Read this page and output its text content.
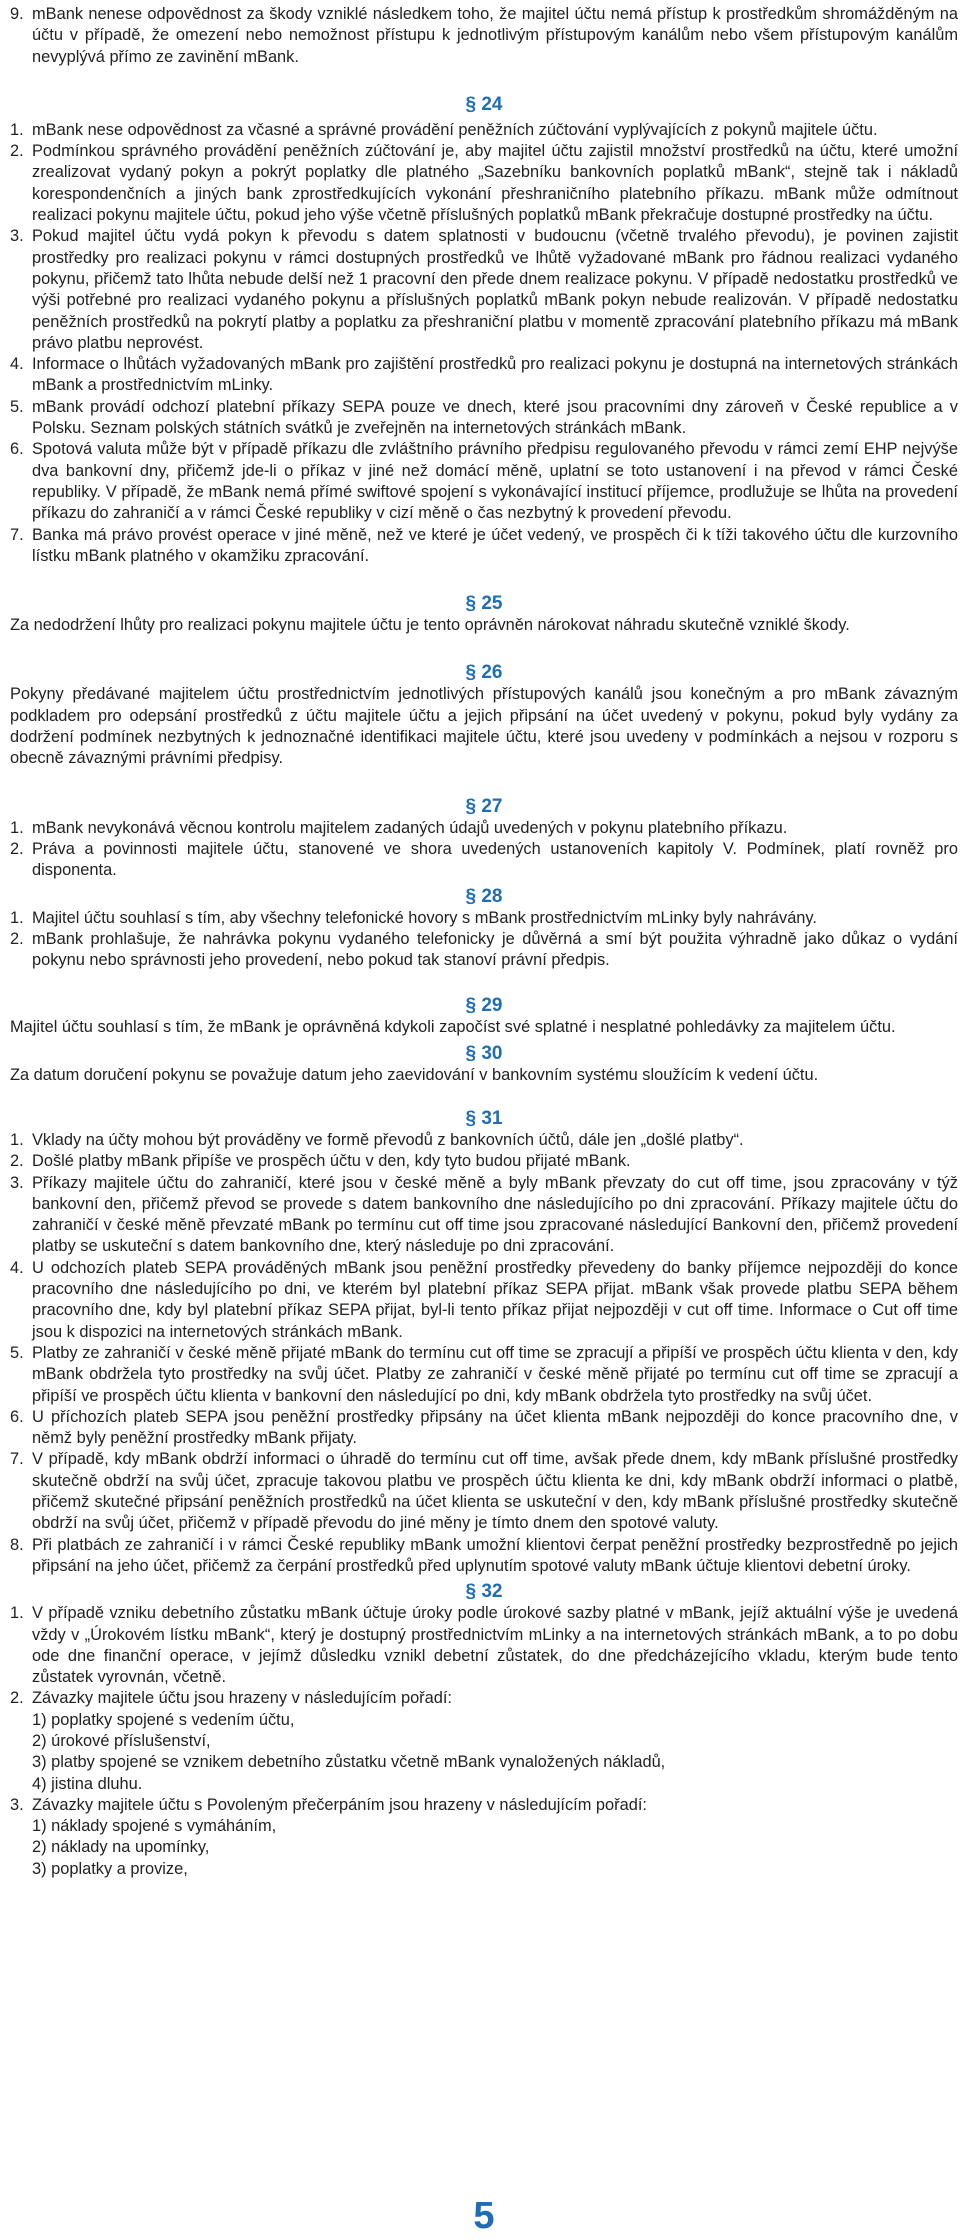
9. mBank nenese odpovědnost za škody vzniklé následkem toho, že majitel účtu nemá přístup k prostředkům shromážděným na účtu v případě, že omezení nebo nemožnost přístupu k jednotlivým přístupovým kanálům nebo všem přístupovým kanálům nevyplývá přímo ze zavinění mBank.
§ 24
1. mBank nese odpovědnost za včasné a správné provádění peněžních zúčtování vyplývajících z pokynů majitele účtu.
2. Podmínkou správného provádění peněžních zúčtování je, aby majitel účtu zajistil množství prostředků na účtu, které umožní zrealizovat vydaný pokyn a pokrýt poplatky dle platného „Sazebníku bankovních poplatků mBank“, stejně tak i nákladů korespondenčních a jiných bank zprostředkujících vykonání přeshraničního platebního příkazu. mBank může odmítnout realizaci pokynu majitele účtu, pokud jeho výše včetně příslušných poplatků mBank překračuje dostupné prostředky na účtu.
3. Pokud majitel účtu vydá pokyn k převodu s datem splatnosti v budoucnu (včetně trvalého převodu), je povinen zajistit prostředky pro realizaci pokynu v rámci dostupných prostředků ve lhůtě vyžadované mBank pro řádnou realizaci vydaného pokynu, přičemž tato lhůta nebude delší než 1 pracovní den přede dnem realizace pokynu. V případě nedostatku prostředků ve výši potřebné pro realizaci vydaného pokynu a příslušných poplatků mBank pokyn nebude realizován. V případě nedostatku peněžních prostředků na pokrytí platby a poplatku za přeshraniční platbu v momentě zpracování platebního příkazu má mBank právo platbu neprovést.
4. Informace o lhůtách vyžadovaných mBank pro zajištění prostředků pro realizaci pokynu je dostupná na internetových stránkách mBank a prostřednictvím mLinky.
5. mBank provádí odchozí platební příkazy SEPA pouze ve dnech, které jsou pracovními dny zároveň v České republice a v Polsku. Seznam polských státních svátků je zveřejněn na internetových stránkách mBank.
6. Spotová valuta může být v případě příkazu dle zvláštního právního předpisu regulovaného převodu v rámci zemí EHP nejvýše dva bankovní dny, přičemž jde-li o příkaz v jiné než domácí měně, uplatní se toto ustanovení i na převod v rámci České republiky. V případě, že mBank nemá přímé swiftové spojení s vykonávající institucí příjemce, prodlužuje se lhůta na provedení příkazu do zahraničí a v rámci České republiky v cizí měně o čas nezbytný k provedení převodu.
7. Banka má právo provést operace v jiné měně, než ve které je účet vedený, ve prospěch či k tíži takového účtu dle kurzovního lístku mBank platného v okamžiku zpracování.
§ 25
Za nedodržení lhůty pro realizaci pokynu majitele účtu je tento oprávněn nárokovat náhradu skutečně vzniklé škody.
§ 26
Pokyny předávané majitelem účtu prostřednictvím jednotlivých přístupových kanálů jsou konečným a pro mBank závazným podkladem pro odepsání prostředků z účtu majitele účtu a jejich připsání na účet uvedený v pokynu, pokud byly vydány za dodržení podmínek nezbytných k jednoznačné identifikaci majitele účtu, které jsou uvedeny v podmínkách a nejsou v rozporu s obecně závaznými právními předpisy.
§ 27
1. mBank nevykonává věcnou kontrolu majitelem zadaných údajů uvedených v pokynu platebního příkazu.
2. Práva a povinnosti majitele účtu, stanovené ve shora uvedených ustanoveních kapitoly V. Podmínek, platí rovněž pro disponenta.
§ 28
1. Majitel účtu souhlasí s tím, aby všechny telefonické hovory s mBank prostřednictvím mLinky byly nahrávány.
2. mBank prohlašuje, že nahrávka pokynu vydaného telefonicky je důvěrná a smí být použita výhradně jako důkaz o vydání pokynu nebo správnosti jeho provedení, nebo pokud tak stanoví právní předpis.
§ 29
Majitel účtu souhlasí s tím, že mBank je oprávněná kdykoli započíst své splatné i nesplatné pohledávky za majitelem účtu.
§ 30
Za datum doručení pokynu se považuje datum jeho zaevidování v bankovním systému sloužícím k vedení účtu.
§ 31
1. Vklady na účty mohou být prováděny ve formě převodů z bankovních účtů, dále jen „došlé platby“.
2. Došlé platby mBank připíše ve prospěch účtu v den, kdy tyto budou přijaté mBank.
3. Příkazy majitele účtu do zahraničí, které jsou v české měně a byly mBank převzaty do cut off time, jsou zpracovány v týž bankovní den, přičemž převod se provede s datem bankovního dne následujícího po dni zpracování. Příkazy majitele účtu do zahraničí v české měně převzaté mBank po termínu cut off time jsou zpracované následující Bankovní den, přičemž provedení platby se uskuteční s datem bankovního dne, který následuje po dni zpracování.
4. U odchozích plateb SEPA prováděných mBank jsou peněžní prostředky převedeny do banky příjemce nejpozději do konce pracovního dne následujícího po dni, ve kterém byl platební příkaz SEPA přijat. mBank však provede platbu SEPA během pracovního dne, kdy byl platební příkaz SEPA přijat, byl-li tento příkaz přijat nejpozději v cut off time. Informace o Cut off time jsou k dispozici na internetových stránkách mBank.
5. Platby ze zahraničí v české měně přijaté mBank do termínu cut off time se zpracují a připíší ve prospěch účtu klienta v den, kdy mBank obdržela tyto prostředky na svůj účet. Platby ze zahraničí v české měně přijaté po termínu cut off time se zpracují a připíší ve prospěch účtu klienta v bankovní den následující po dni, kdy mBank obdržela tyto prostředky na svůj účet.
6. U příchozích plateb SEPA jsou peněžní prostředky připsány na účet klienta mBank nejpozději do konce pracovního dne, v němž byly peněžní prostředky mBank přijaty.
7. V případě, kdy mBank obdrží informaci o úhradě do termínu cut off time, avšak přede dnem, kdy mBank příslušné prostředky skutečně obdrží na svůj účet, zpracuje takovou platbu ve prospěch účtu klienta ke dni, kdy mBank obdrží informaci o platbě, přičemž skutečné připsání peněžních prostředků na účet klienta se uskuteční v den, kdy mBank příslušné prostředky skutečně obdrží na svůj účet, přičemž v případě převodu do jiné měny je tímto dnem den spotové valuty.
8. Při platbách ze zahraničí i v rámci České republiky mBank umožní klientovi čerpat peněžní prostředky bezprostředně po jejich připsání na jeho účet, přičemž za čerpání prostředků před uplynutím spotové valuty mBank účtuje klientovi debetní úroky.
§ 32
1. V případě vzniku debetního zůstatku mBank účtuje úroky podle úrokové sazby platné v mBank, jejíž aktuální výše je uvedená vždy v „Úrokovém lístku mBank“, který je dostupný prostřednictvím mLinky a na internetových stránkách mBank, a to po dobu ode dne finanční operace, v jejímž důsledku vznikl debetní zůstatek, do dne předcházejícího vkladu, kterým bude tento zůstatek vyrovnán, včetně.
2. Závazky majitele účtu jsou hrazeny v následujícím pořadí:
1) poplatky spojené s vedením účtu,
2) úrokové příslušenství,
3) platby spojené se vznikem debetního zůstatku včetně mBank vynaložených nákladů,
4) jistina dluhu.
3. Závazky majitele účtu s Povoleným přečerpáním jsou hrazeny v následujícím pořadí:
1) náklady spojené s vymáháním,
2) náklady na upomínky,
3) poplatky a provize,
5
